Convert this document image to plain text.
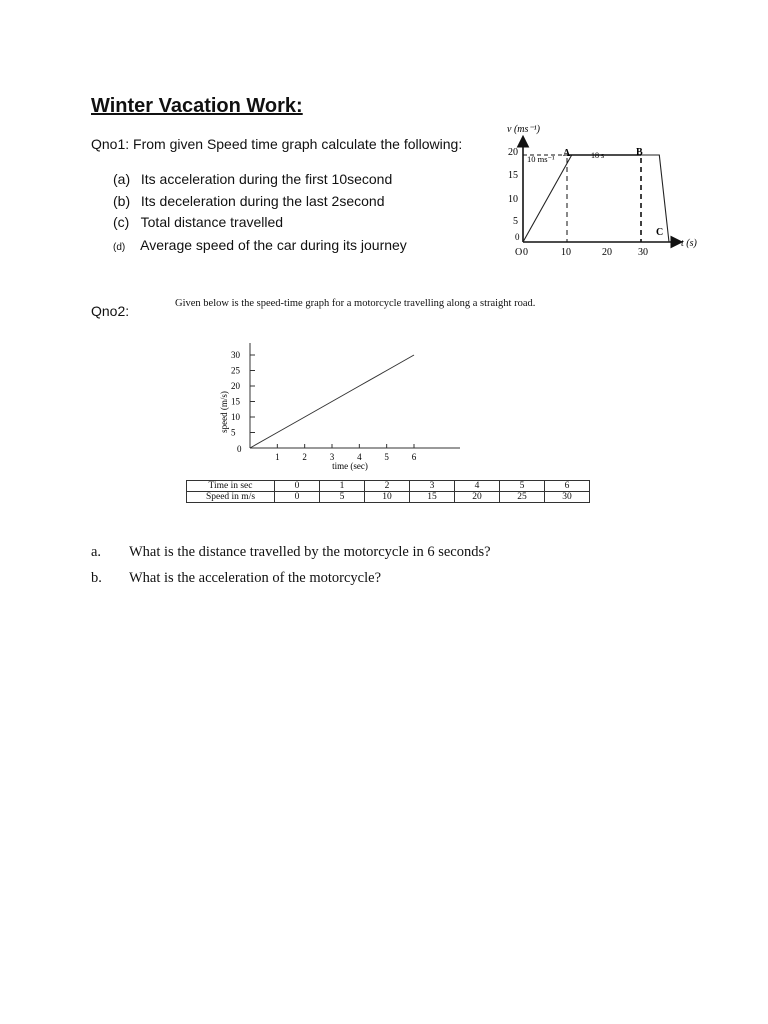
Winter Vacation Work:
Qno1: From given Speed time graph calculate the following:
(a) Its acceleration during the first 10second
(b) Its deceleration during the last 2second
(c) Total distance travelled
(d) Average speed of the car during its journey
v (ms⁻¹)
t (s)
20
15
10
5
0
O 0	10	20	30
10 ms⁻¹ A	18 s	B
C
Qno2:	Given below is the speed-time graph for a motorcycle travelling along a straight road.
speed (m/s)
30
25
20
15
10
5
0
1	2	3	4	5	6
time (sec)
Time in sec	0	1	2	3	4	5	6
Speed in m/s	0	5	10	15	20	25	30
a. What is the distance travelled by the motorcycle in 6 seconds?
b. What is the acceleration of the motorcycle?
